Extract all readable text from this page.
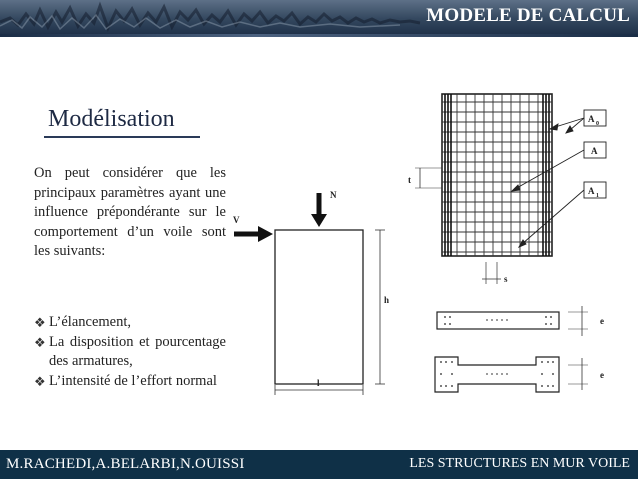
MODELE DE CALCUL
Modélisation
On peut considérer que les principaux paramètres ayant une influence prépondérante sur le comportement d’un voile sont les suivants:
❖ L’élancement,
❖ La disposition et pourcentage des armatures,
❖ L’intensité de l’effort normal
N
V
h
l
t
s
A 0
A
A 1
e
e
M.RACHEDI,A.BELARBI,N.OUISSI	LES STRUCTURES EN MUR VOILE
